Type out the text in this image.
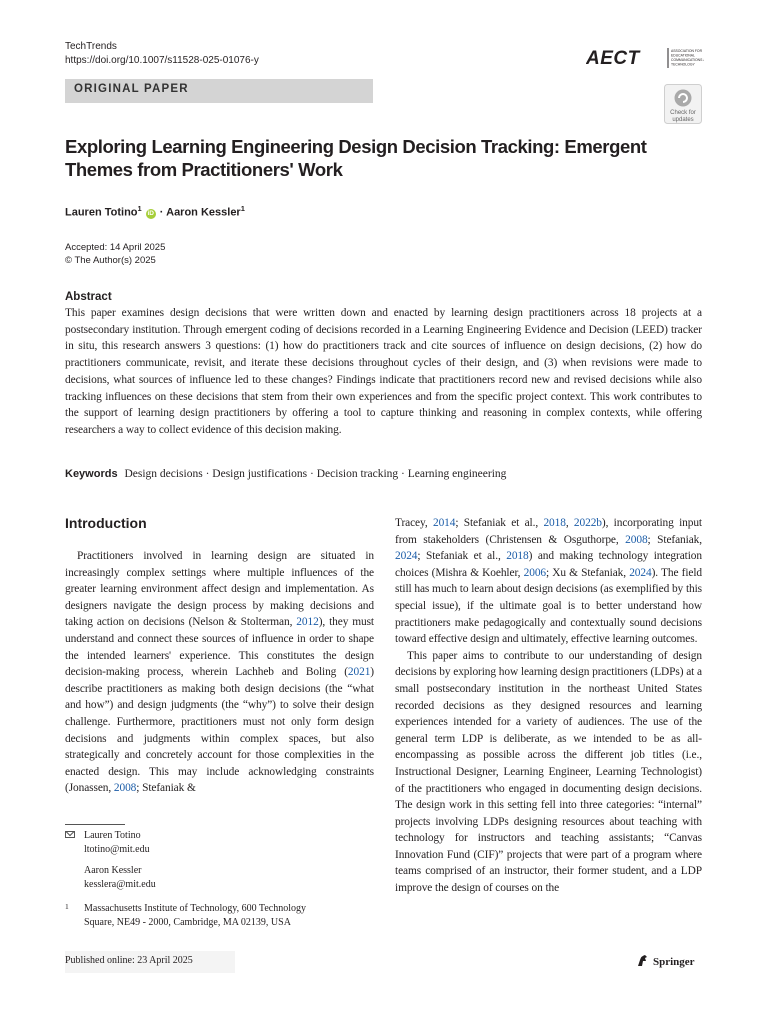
TechTrends
https://doi.org/10.1007/s11528-025-01076-y	AECT	ASSOCIATION FOR
EDUCATIONAL
COMMUNICATIONS &
TECHNOLOGY
ORIGINAL PAPER
Check for
updates
Exploring Learning Engineering Design Decision Tracking: Emergent Themes from Practitioners' Work
Lauren Totino$^1$ iD · Aaron Kessler$^1$
Accepted: 14 April 2025
© The Author(s) 2025
Abstract
This paper examines design decisions that were written down and enacted by learning design practitioners across 18 projects at a postsecondary institution. Through emergent coding of decisions recorded in a Learning Engineering Evidence and Decision (LEED) tracker in situ, this research answers 3 questions: (1) how do practitioners track and cite sources of influence on design decisions, (2) how do practitioners communicate, revisit, and iterate these decisions throughout cycles of their design, and (3) when revisions were made to decisions, what sources of influence led to these changes? Findings indicate that practitioners record new and revised decisions while also tracking influences on these decisions that stem from their own experiences and from the specific project context. This work contributes to the support of learning design practitioners by offering a tool to capture thinking and reasoning in complex contexts, while offering researchers a way to collect evidence of this decision making.
Keywords Design decisions · Design justifications · Decision tracking · Learning engineering
Introduction

Practitioners involved in learning design are situated in increasingly complex settings where multiple influences of the greater learning environment affect design and implementation. As designers navigate the design process by making decisions and taking action on decisions (Nelson & Stolterman, 2012), they must understand and connect these sources of influence in order to shape the intended learners' experience. This constitutes the design decision-making process, wherein Lachheb and Boling (2021) describe practitioners as making both design decisions (the “what and how”) and design judgments (the “why”) to solve their design challenge. Furthermore, practitioners must not only form design decisions and judgments within complex spaces, but also strategically and concretely account for those complexities in the enacted design. This may include acknowledging constraints (Jonassen, 2008; Stefaniak &

Tracey, 2014; Stefaniak et al., 2018, 2022b), incorporating input from stakeholders (Christensen & Osguthorpe, 2008; Stefaniak, 2024; Stefaniak et al., 2018) and making technology integration choices (Mishra & Koehler, 2006; Xu & Stefaniak, 2024). The field still has much to learn about design decisions (as exemplified by this special issue), if the ultimate goal is to better understand how practitioners make pedagogically and contextually sound decisions toward effective design and ultimately, effective learning outcomes.

This paper aims to contribute to our understanding of design decisions by exploring how learning design practitioners (LDPs) at a small postsecondary institution in the northeast United States recorded decisions as they designed resources and learning experiences intended for a variety of audiences. The use of the general term LDP is deliberate, as we intended to be as all-encompassing as possible across the different job titles (i.e., Instructional Designer, Learning Engineer, Learning Technologist) of the practitioners who engaged in documenting design decisions. The design work in this setting fell into three categories: “internal” projects involving LDPs designing resources about teaching with technology for instructors and teaching assistants; “Canvas Innovation Fund (CIF)” projects that were part of a program where teams comprised of an instructor, their former student, and a LDP improve the design of courses on the

Lauren Totino
ltotino@mit.edu
Aaron Kessler
kesslera@mit.edu
1 Massachusetts Institute of Technology, 600 Technology
Square, NE49 - 2000, Cambridge, MA 02139, USA
Published online: 23 April 2025	Springer
